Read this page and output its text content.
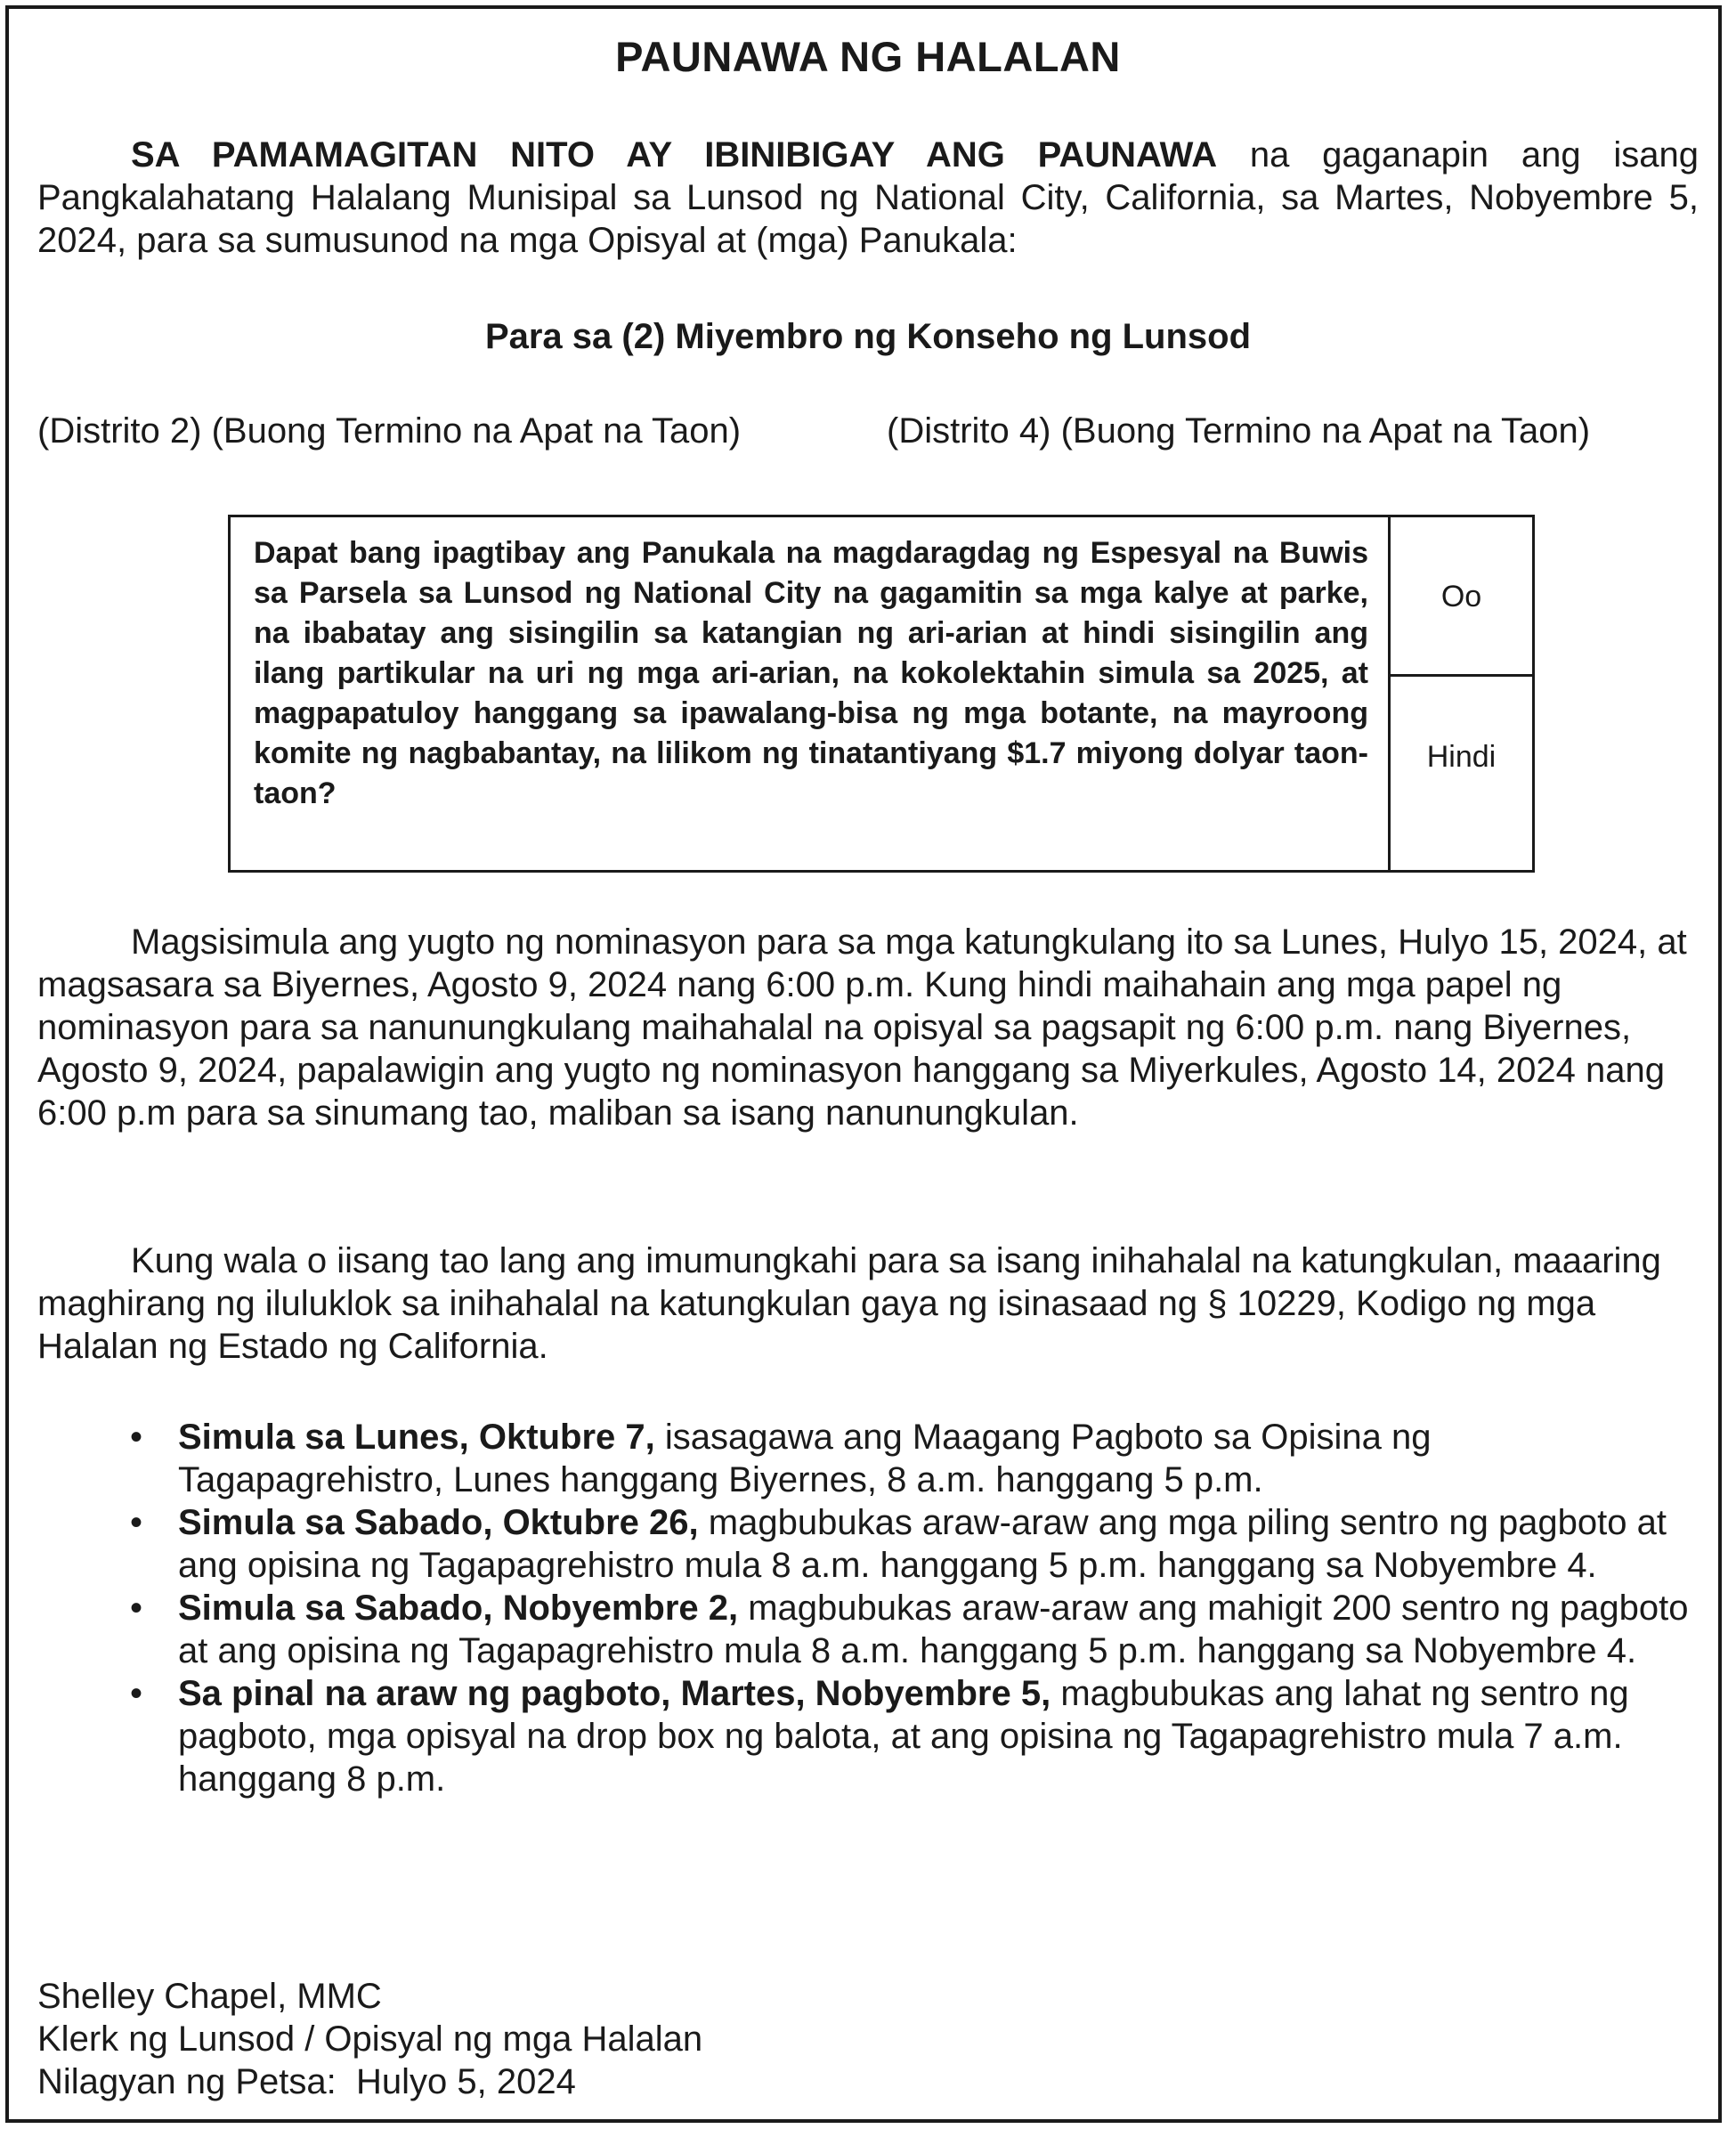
PAUNAWA NG HALALAN
SA PAMAMAGITAN NITO AY IBINIBIGAY ANG PAUNAWA na gaganapin ang isang Pangkalahatang Halalang Munisipal sa Lunsod ng National City, California, sa Martes, Nobyembre 5, 2024, para sa sumusunod na mga Opisyal at (mga) Panukala:
Para sa (2) Miyembro ng Konseho ng Lunsod
(Distrito 2) (Buong Termino na Apat na Taon)	(Distrito 4) (Buong Termino na Apat na Taon)
Dapat bang ipagtibay ang Panukala na magdaragdag ng Espesyal na Buwis sa Parsela sa Lunsod ng National City na gagamitin sa mga kalye at parke, na ibabatay ang sisingilin sa katangian ng ari-arian at hindi sisingilin ang ilang partikular na uri ng mga ari-arian, na kokolektahin simula sa 2025, at magpapatuloy hanggang sa ipawalang-bisa ng mga botante, na mayroong komite ng nagbabantay, na lilikom ng tinatantiyang $1.7 miyong dolyar taon-taon?
Oo
Hindi
Magsisimula ang yugto ng nominasyon para sa mga katungkulang ito sa Lunes, Hulyo 15, 2024, at magsasara sa Biyernes, Agosto 9, 2024 nang 6:00 p.m. Kung hindi maihahain ang mga papel ng nominasyon para sa nanunungkulang maihahalal na opisyal sa pagsapit ng 6:00 p.m. nang Biyernes, Agosto 9, 2024, papalawigin ang yugto ng nominasyon hanggang sa Miyerkules, Agosto 14, 2024 nang 6:00 p.m para sa sinumang tao, maliban sa isang nanunungkulan.
Kung wala o iisang tao lang ang imumungkahi para sa isang inihahalal na katungkulan, maaaring maghirang ng iluluklok sa inihahalal na katungkulan gaya ng isinasaad ng § 10229, Kodigo ng mga Halalan ng Estado ng California.
• Simula sa Lunes, Oktubre 7, isasagawa ang Maagang Pagboto sa Opisina ng Tagapagrehistro, Lunes hanggang Biyernes, 8 a.m. hanggang 5 p.m.
• Simula sa Sabado, Oktubre 26, magbubukas araw-araw ang mga piling sentro ng pagboto at ang opisina ng Tagapagrehistro mula 8 a.m. hanggang 5 p.m. hanggang sa Nobyembre 4.
• Simula sa Sabado, Nobyembre 2, magbubukas araw-araw ang mahigit 200 sentro ng pagboto at ang opisina ng Tagapagrehistro mula 8 a.m. hanggang 5 p.m. hanggang sa Nobyembre 4.
• Sa pinal na araw ng pagboto, Martes, Nobyembre 5, magbubukas ang lahat ng sentro ng pagboto, mga opisyal na drop box ng balota, at ang opisina ng Tagapagrehistro mula 7 a.m. hanggang 8 p.m.
Shelley Chapel, MMC
Klerk ng Lunsod / Opisyal ng mga Halalan
Nilagyan ng Petsa: Hulyo 5, 2024
